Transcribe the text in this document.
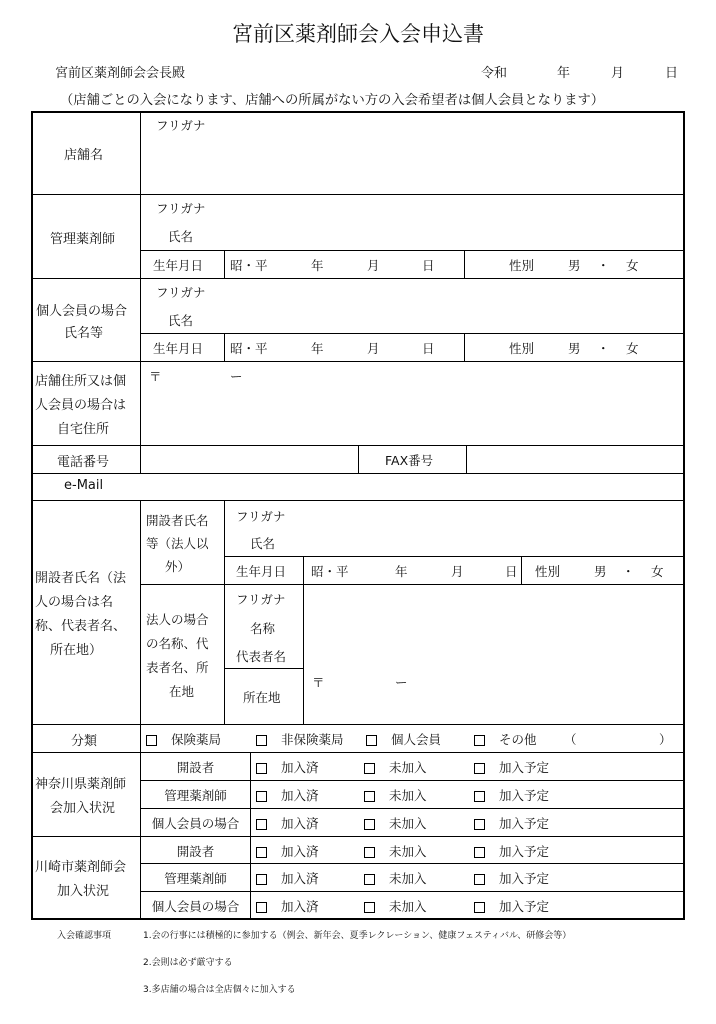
宮前区薬剤師会入会申込書
宮前区薬剤師会会長殿	令和	年	月	日
（店舗ごとの入会になります、店舗への所属がない方の入会希望者は個人会員となります）
店舗名
フリガナ
管理薬剤師
フリガナ
氏名
生年月日 昭・平	年	月	日	性別	男 ・ 女
個人会員の場合
氏名等
フリガナ
氏名
生年月日 昭・平	年	月	日	性別	男 ・ 女
店舗住所又は個
人会員の場合は
自宅住所
〒	ー
電話番号	FAX番号
e-Mail
開設者氏名（法
人の場合は名
称、代表者名、
所在地）
開設者氏名
等（法人以
外）
フリガナ
氏名
生年月日 昭・平	年	月	日 性別	男 ・ 女
法人の場合
の名称、代
表者名、所
在地
フリガナ
名称
代表者名
所在地
〒	ー
分類	保険薬局	非保険薬局	個人会員	その他 （	）
神奈川県薬剤師
会加入状況
開設者	加入済	未加入	加入予定
管理薬剤師	加入済	未加入	加入予定
個人会員の場合	加入済	未加入	加入予定
川崎市薬剤師会
加入状況
開設者	加入済	未加入	加入予定
管理薬剤師	加入済	未加入	加入予定
個人会員の場合	加入済	未加入	加入予定
入会確認事項	1.会の行事には積極的に参加する（例会、新年会、夏季レクレーション、健康フェスティバル、研修会等）
2.会則は必ず厳守する
3.多店舗の場合は全店個々に加入する
